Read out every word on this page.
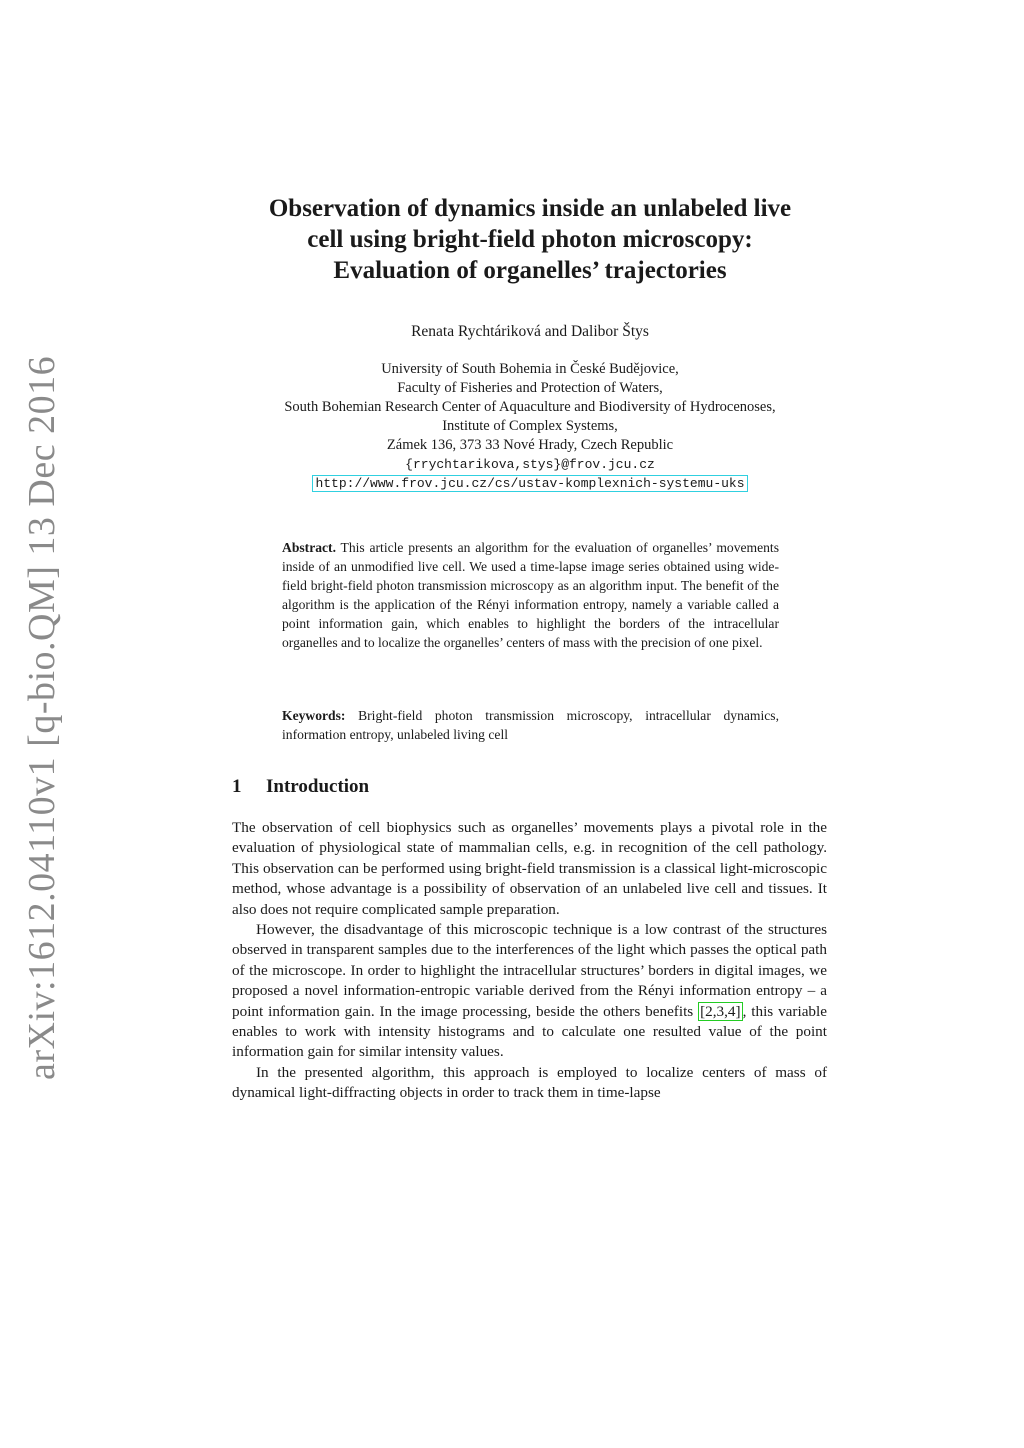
arXiv:1612.04110v1 [q-bio.QM] 13 Dec 2016
Observation of dynamics inside an unlabeled live
cell using bright-field photon microscopy:
Evaluation of organelles’ trajectories
Renata Rychtáriková and Dalibor Štys
University of South Bohemia in České Budějovice,
Faculty of Fisheries and Protection of Waters,
South Bohemian Research Center of Aquaculture and Biodiversity of Hydrocenoses,
Institute of Complex Systems,
Zámek 136, 373 33 Nové Hrady, Czech Republic
{rrychtarikova,stys}@frov.jcu.cz
http://www.frov.jcu.cz/cs/ustav-komplexnich-systemu-uks
Abstract. This article presents an algorithm for the evaluation of organelles’ movements inside of an unmodified live cell. We used a time-lapse image series obtained using wide-field bright-field photon transmission microscopy as an algorithm input. The benefit of the algorithm is the application of the Rényi information entropy, namely a variable called a point information gain, which enables to highlight the borders of the intracellular organelles and to localize the organelles’ centers of mass with the precision of one pixel.
Keywords: Bright-field photon transmission microscopy, intracellular dynamics, information entropy, unlabeled living cell
1 Introduction

The observation of cell biophysics such as organelles’ movements plays a pivotal role in the evaluation of physiological state of mammalian cells, e.g. in recognition of the cell pathology. This observation can be performed using bright-field transmission is a classical light-microscopic method, whose advantage is a possibility of observation of an unlabeled live cell and tissues. It also does not require complicated sample preparation.

However, the disadvantage of this microscopic technique is a low contrast of the structures observed in transparent samples due to the interferences of the light which passes the optical path of the microscope. In order to highlight the intracellular structures’ borders in digital images, we proposed a novel information-entropic variable derived from the Rényi information entropy – a point information gain. In the image processing, beside the others benefits [2,3,4] , this variable enables to work with intensity histograms and to calculate one resulted value of the point information gain for similar intensity values.

In the presented algorithm, this approach is employed to localize centers of mass of dynamical light-diffracting objects in order to track them in time-lapse
